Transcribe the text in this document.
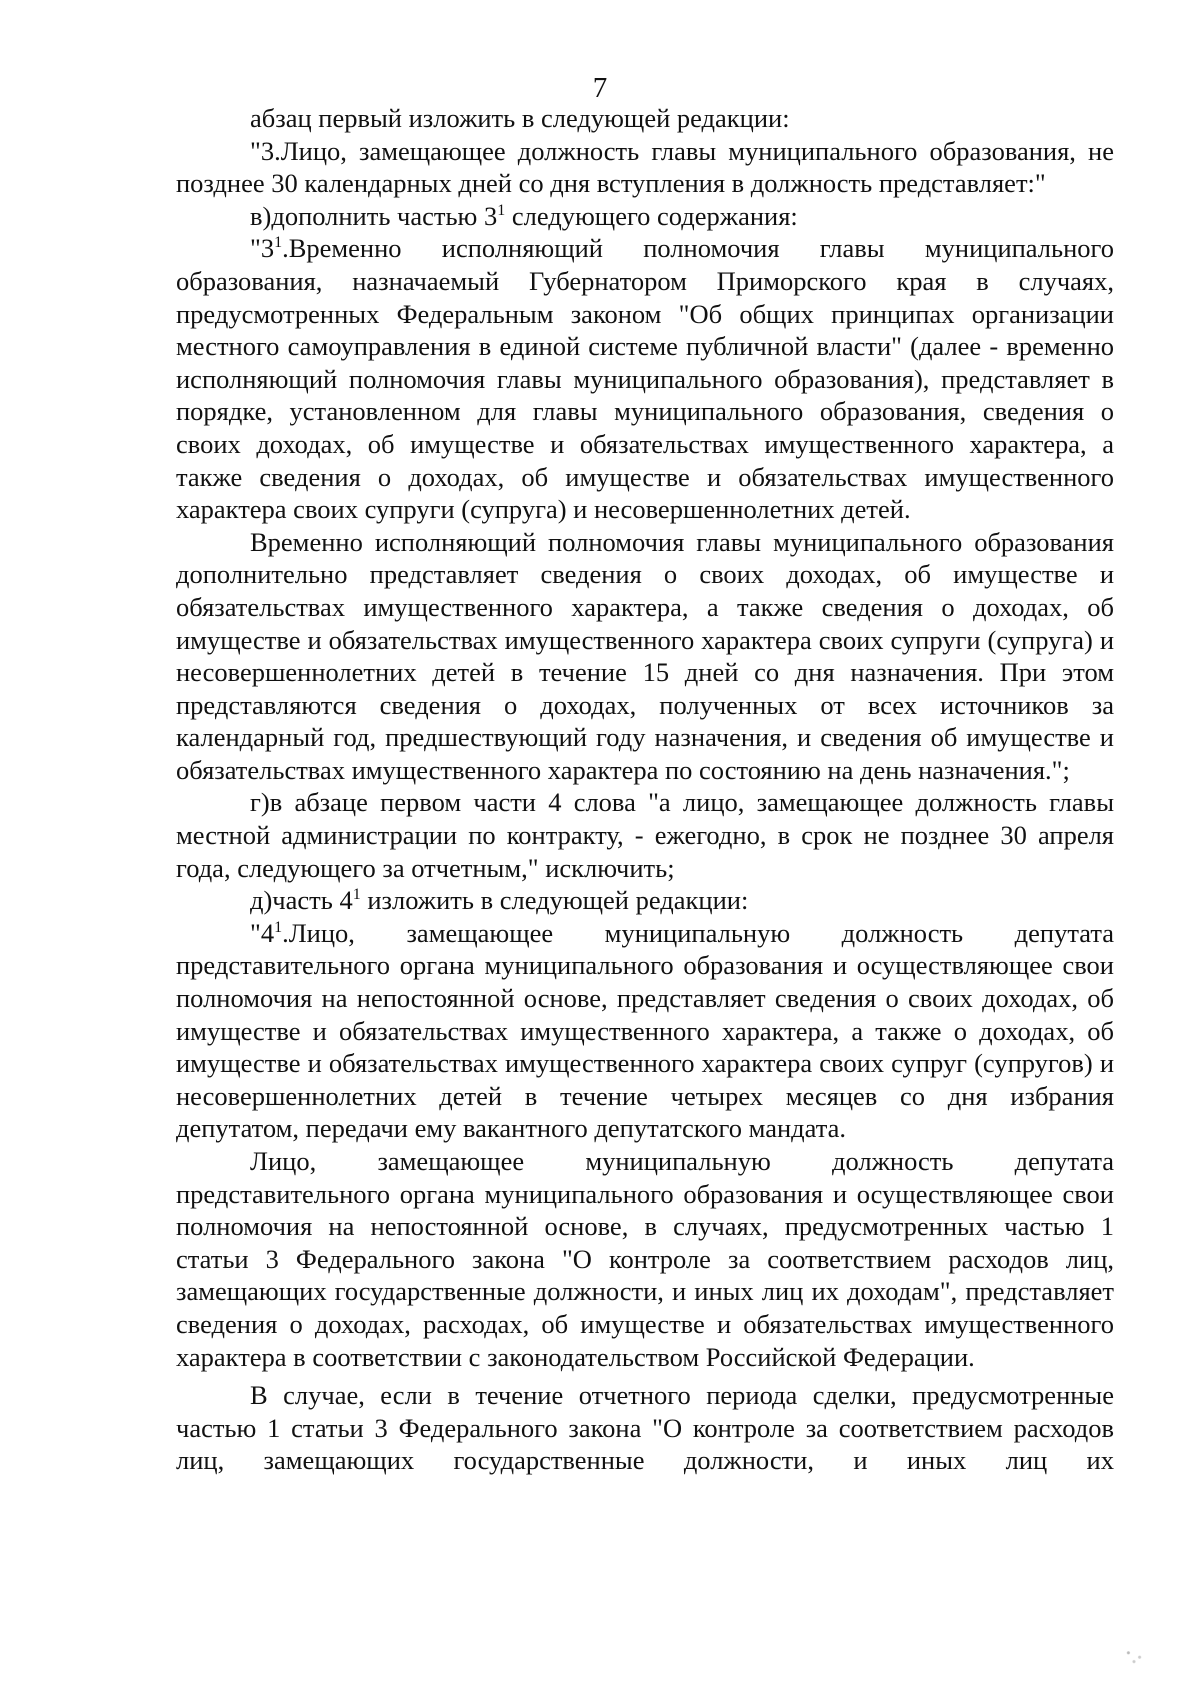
7

абзац первый изложить в следующей редакции:

"3.Лицо, замещающее должность главы муниципального образования, не позднее 30 календарных дней со дня вступления в должность представляет:"

в)дополнить частью $3^1$ следующего содержания:

"$3^1.Временно$ исполняющий полномочия главы муниципального образования, назначаемый Губернатором Приморского края в случаях, предусмотренных Федеральным законом "Об общих принципах организации местного самоуправления в единой системе публичной власти" (далее - временно исполняющий полномочия главы муниципального образования), представляет в порядке, установленном для главы муниципального образования, сведения о своих доходах, об имуществе и обязательствах имущественного характера, а также сведения о доходах, об имуществе и обязательствах имущественного характера своих супруги (супруга) и несовершеннолетних детей.

Временно исполняющий полномочия главы муниципального образования дополнительно представляет сведения о своих доходах, об имуществе и обязательствах имущественного характера, а также сведения о доходах, об имуществе и обязательствах имущественного характера своих супруги (супруга) и несовершеннолетних детей в течение 15 дней со дня назначения. При этом представляются сведения о доходах, полученных от всех источников за календарный год, предшествующий году назначения, и сведения об имуществе и обязательствах имущественного характера по состоянию на день назначения.";

г)в абзаце первом части 4 слова "а лицо, замещающее должность главы местной администрации по контракту, - ежегодно, в срок не позднее 30 апреля года, следующего за отчетным," исключить;

д)часть $4^1$ изложить в следующей редакции:

"$4^1.Лицо$, замещающее муниципальную должность депутата представительного органа муниципального образования и осуществляющее свои полномочия на непостоянной основе, представляет сведения о своих доходах, об имуществе и обязательствах имущественного характера, а также о доходах, об имуществе и обязательствах имущественного характера своих супруг (супругов) и несовершеннолетних детей в течение четырех месяцев со дня избрания депутатом, передачи ему вакантного депутатского мандата.

Лицо, замещающее муниципальную должность депутата представительного органа муниципального образования и осуществляющее свои полномочия на непостоянной основе, в случаях, предусмотренных частью 1 статьи 3 Федерального закона "О контроле за соответствием расходов лиц, замещающих государственные должности, и иных лиц их доходам", представляет сведения о доходах, расходах, об имуществе и обязательствах имущественного характера в соответствии с законодательством Российской Федерации.

В случае, если в течение отчетного периода сделки, предусмотренные частью 1 статьи 3 Федерального закона "О контроле за соответствием расходов лиц, замещающих государственные должности, и иных лиц их
